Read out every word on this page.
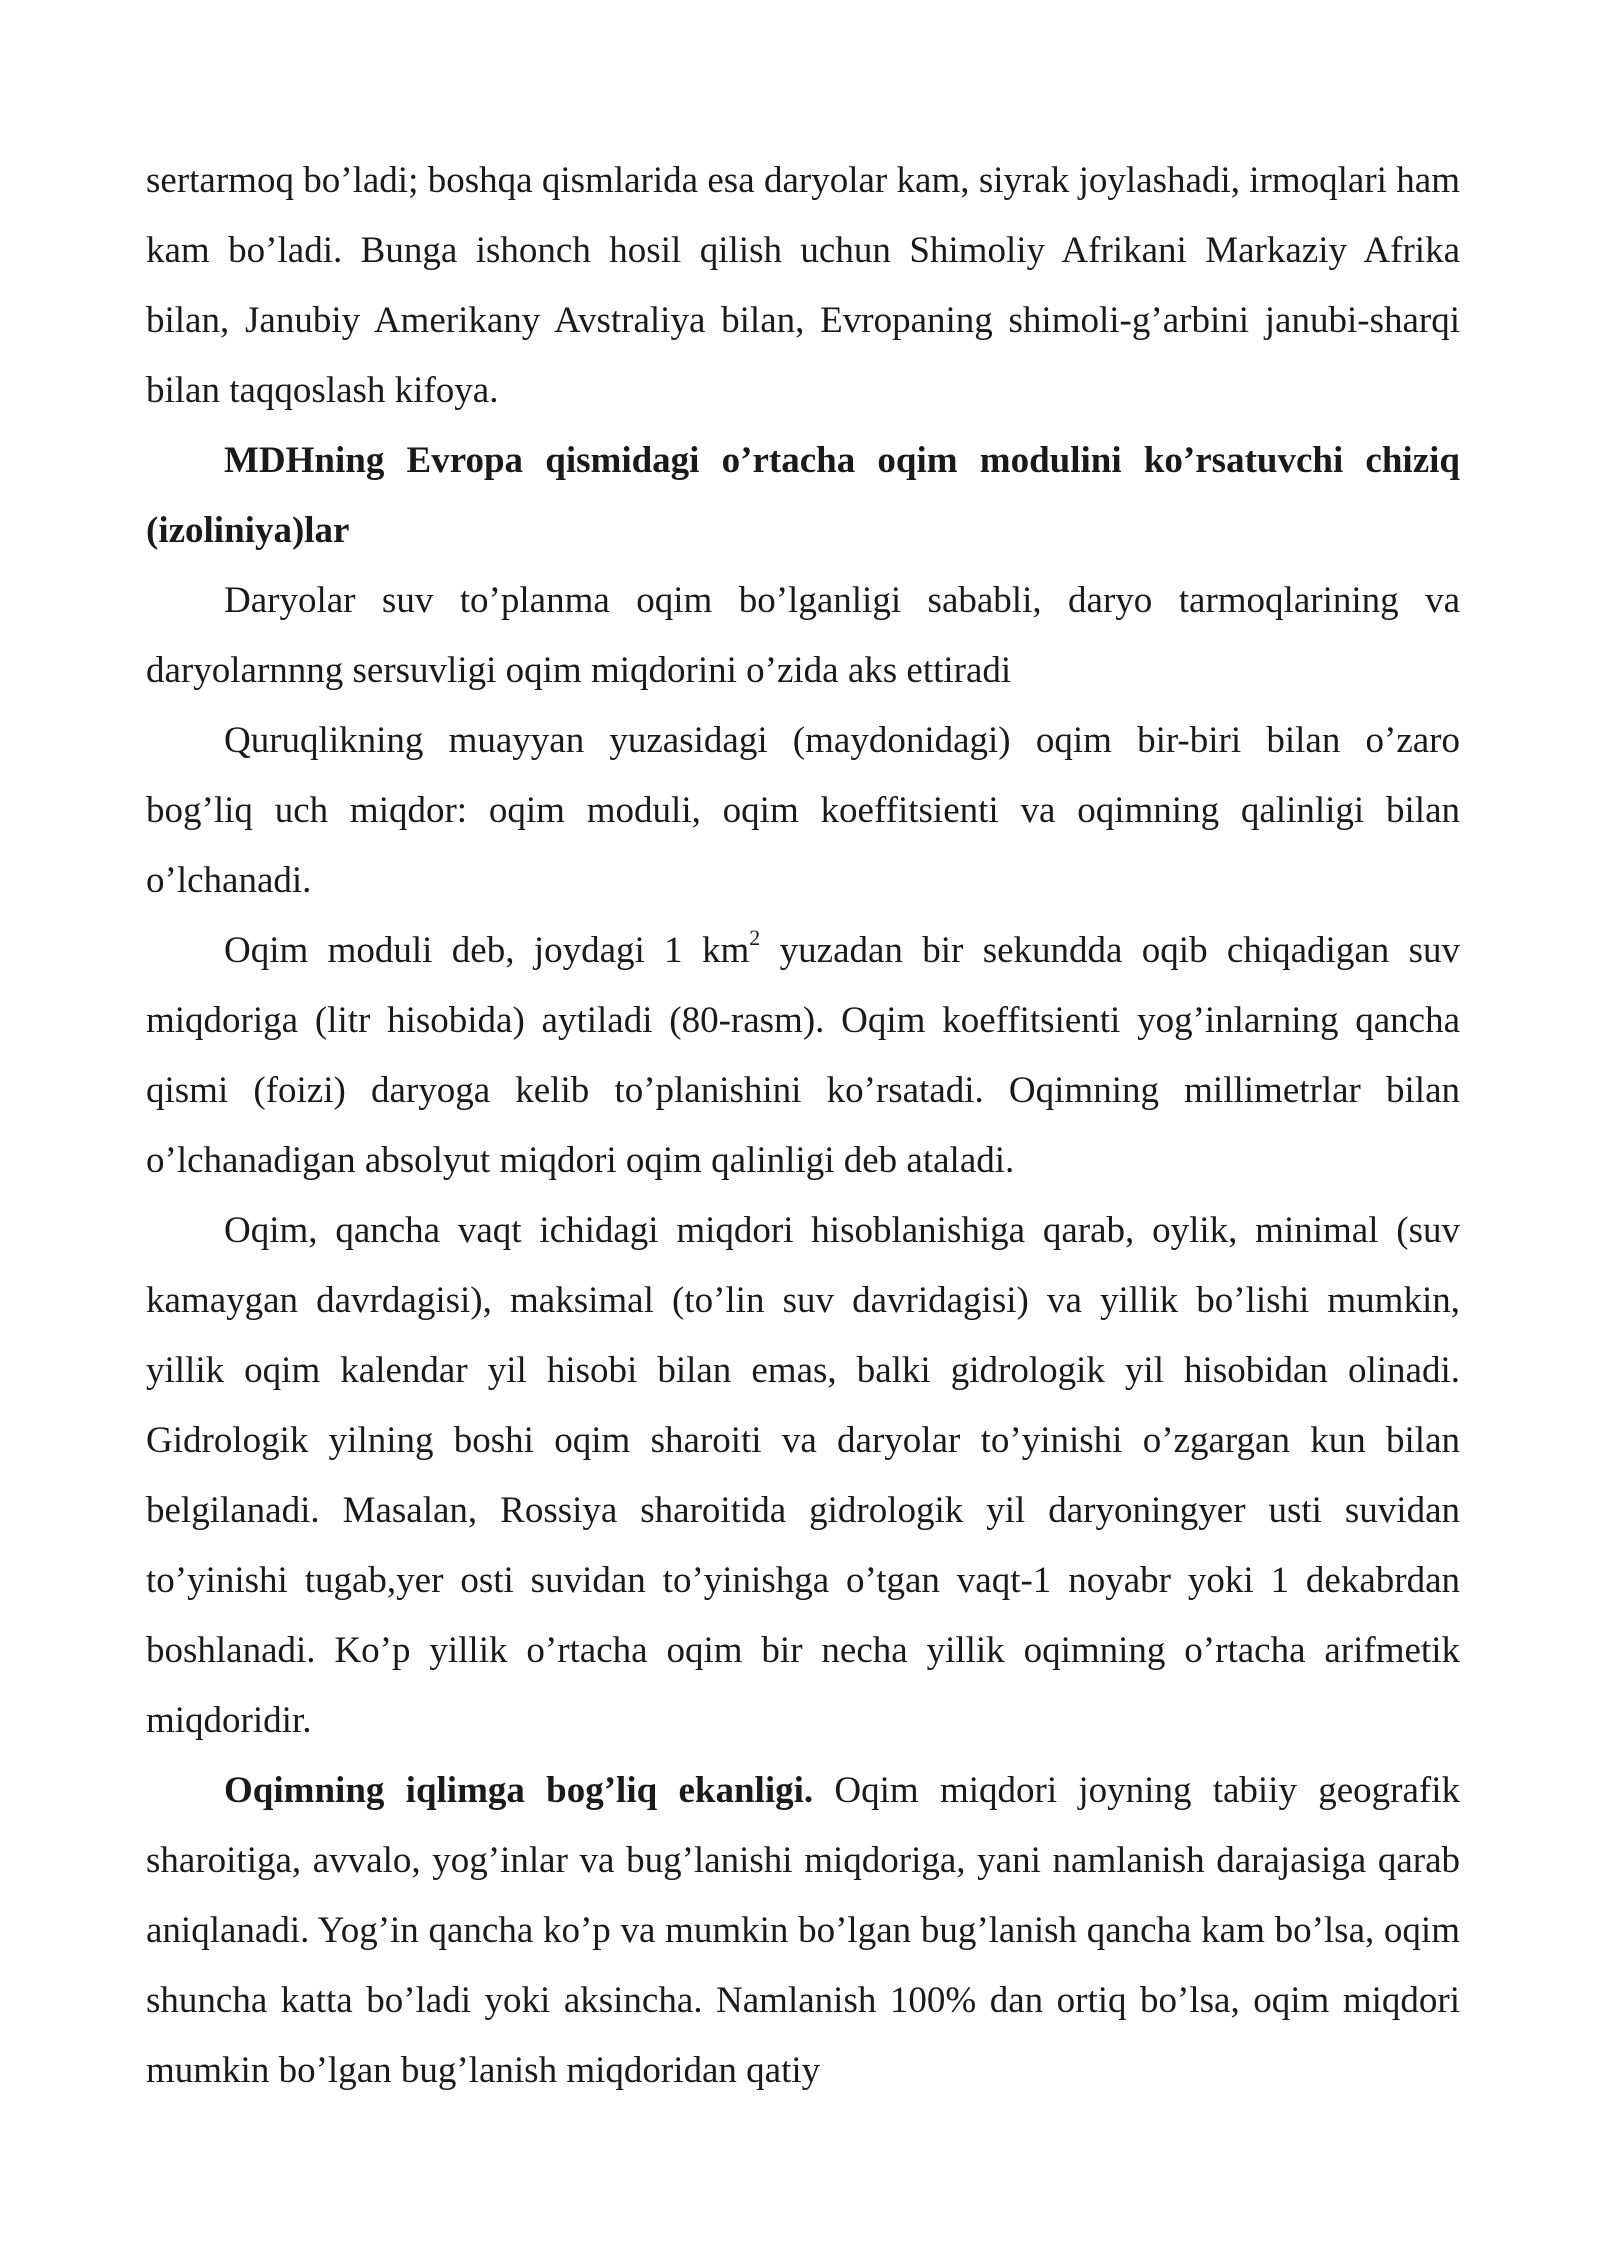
sertarmoq bo’ladi; boshqa qismlarida esa daryolar kam, siyrak joylashadi, irmoqlari ham kam bo’ladi. Bunga ishonch hosil qilish uchun Shimoliy Afrikani Markaziy Afrika bilan, Janubiy Amerikany Avstraliya bilan, Evropaning shimoli-g’arbini janubi-sharqi bilan taqqoslash kifoya.

MDHning Evropa qismidagi o’rtacha oqim modulini ko’rsatuvchi chiziq (izoliniya)lar

Daryolar suv to’planma oqim bo’lganligi sababli, daryo tarmoqlarining va daryolarnnng sersuvligi oqim miqdorini o’zida aks ettiradi

Quruqlikning muayyan yuzasidagi (maydonidagi) oqim bir-biri bilan o’zaro bog’liq uch miqdor: oqim moduli, oqim koeffitsienti va oqimning qalinligi bilan o’lchanadi.

Oqim moduli deb, joydagi 1 $km^2$ yuzadan bir sekundda oqib chiqadigan suv miqdoriga (litr hisobida) aytiladi (80-rasm). Oqim koeffitsienti yog’inlarning qancha qismi (foizi) daryoga kelib to’planishini ko’rsatadi. Oqimning millimetrlar bilan o’lchanadigan absolyut miqdori oqim qalinligi deb ataladi.

Oqim, qancha vaqt ichidagi miqdori hisoblanishiga qarab, oylik, minimal (suv kamaygan davrdagisi), maksimal (to’lin suv davridagisi) va yillik bo’lishi mumkin, yillik oqim kalendar yil hisobi bilan emas, balki gidrologik yil hisobidan olinadi. Gidrologik yilning boshi oqim sharoiti va daryolar to’yinishi o’zgargan kun bilan belgilanadi. Masalan, Rossiya sharoitida gidrologik yil daryoningyer usti suvidan to’yinishi tugab,yer osti suvidan to’yinishga o’tgan vaqt-1 noyabr yoki 1 dekabrdan boshlanadi. Ko’p yillik o’rtacha oqim bir necha yillik oqimning o’rtacha arifmetik miqdoridir.

Oqimning iqlimga bog’liq ekanligi. Oqim miqdori joyning tabiiy geografik sharoitiga, avvalo, yog’inlar va bug’lanishi miqdoriga, yani namlanish darajasiga qarab aniqlanadi. Yog’in qancha ko’p va mumkin bo’lgan bug’lanish qancha kam bo’lsa, oqim shuncha katta bo’ladi yoki aksincha. Namlanish 100% dan ortiq bo’lsa, oqim miqdori mumkin bo’lgan bug’lanish miqdoridan qatiy
